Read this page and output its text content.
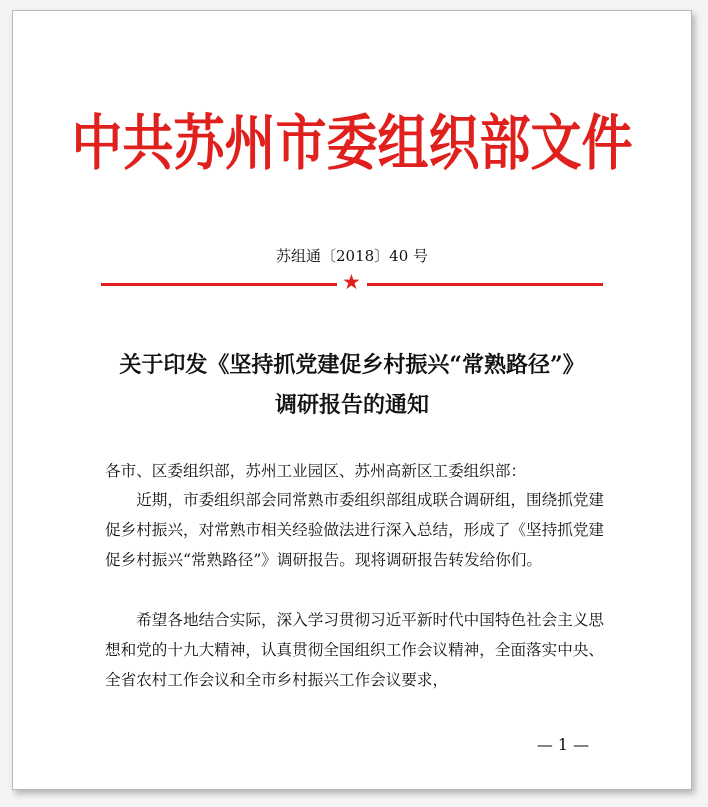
中共苏州市委组织部文件
苏组通〔2018〕40 号
★
关于印发《坚持抓党建促乡村振兴“常熟路径”》
调研报告的通知
各市、区委组织部，苏州工业园区、苏州高新区工委组织部：
　　近期，市委组织部会同常熟市委组织部组成联合调研组，围绕抓党建促乡村振兴，对常熟市相关经验做法进行深入总结，形成了《坚持抓党建促乡村振兴“常熟路径”》调研报告。现将调研报告转发给你们。
　　希望各地结合实际，深入学习贯彻习近平新时代中国特色社会主义思想和党的十九大精神，认真贯彻全国组织工作会议精神，全面落实中央、全省农村工作会议和全市乡村振兴工作会议要求，
— 1 —
